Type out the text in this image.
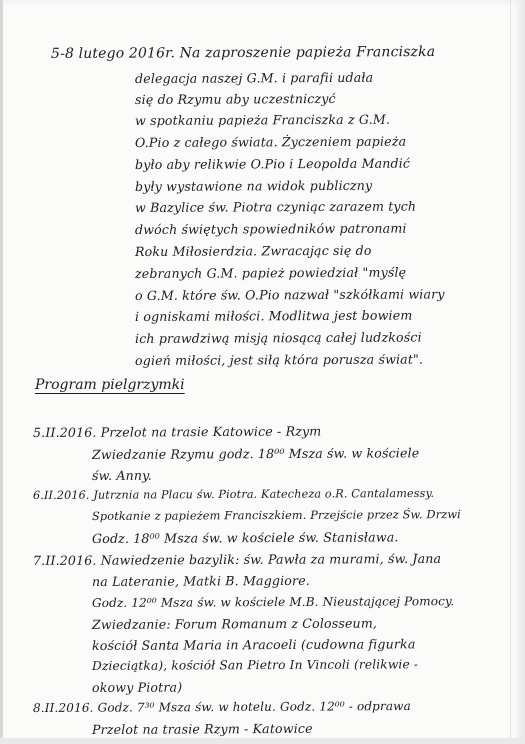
5-8 lutego 2016r. Na zaproszenie papieża Franciszka
delegacja naszej G.M. i parafii udała
się do Rzymu aby uczestniczyć
w spotkaniu papieża Franciszka z G.M.
O.Pio z całego świata. Życzeniem papieża
było aby relikwie O.Pio i Leopolda Mandić
były wystawione na widok publiczny
w Bazylice św. Piotra czyniąc zarazem tych
dwóch świętych spowiedników patronami
Roku Miłosierdzia. Zwracając się do
zebranych G.M. papież powiedział "myślę
o G.M. które św. O.Pio nazwał "szkółkami wiary
i ogniskami miłości. Modlitwa jest bowiem
ich prawdziwą misją niosącą całej ludzkości
ogień miłości, jest siłą która porusza świat".
Program pielgrzymki
5.II.2016. Przelot na trasie Katowice - Rzym
Zwiedzanie Rzymu godz. 18⁰⁰ Msza św. w kościele
św. Anny.
6.II.2016. Jutrznia na Placu św. Piotra. Katecheza o.R. Cantalamessy.
Spotkanie z papieżem Franciszkiem. Przejście przez Św. Drzwi
Godz. 18⁰⁰ Msza św. w kościele św. Stanisława.
7.II.2016. Nawiedzenie bazylik: św. Pawła za murami, św. Jana
na Lateranie, Matki B. Maggiore.
Godz. 12⁰⁰ Msza św. w kościele M.B. Nieustającej Pomocy.
Zwiedzanie: Forum Romanum z Colosseum,
kościół Santa Maria in Aracoeli (cudowna figurka
Dzieciątka), kościół San Pietro In Vincoli (relikwie -
okowy Piotra)
8.II.2016. Godz. 7³⁰ Msza św. w hotelu. Godz. 12⁰⁰ - odprawa
Przelot na trasie Rzym - Katowice
